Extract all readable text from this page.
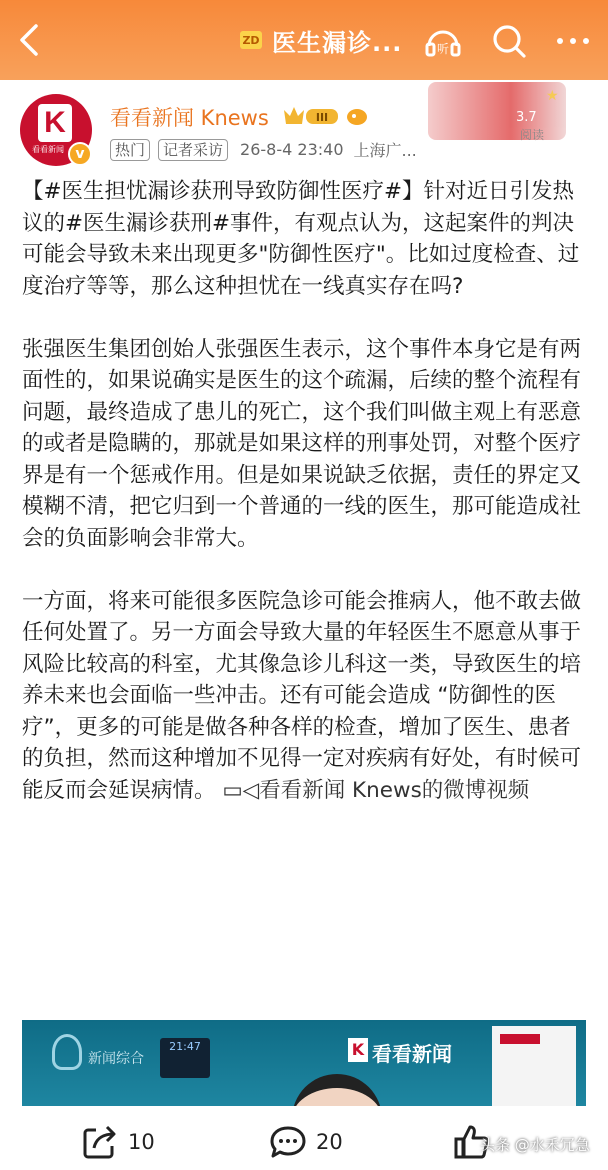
ZD 医生漏诊...	听
K
看看新闻 v
看看新闻 Knews	III
热门	记者采访	26-8-4 23:40 上海广...
★
3.7
阅读

【#医生担忧漏诊获刑导致防御性医疗#】针对近日引发热议的#医生漏诊获刑#事件，有观点认为，这起案件的判决可能会导致未来出现更多"防御性医疗"。比如过度检查、过度治疗等等，那么这种担忧在一线真实存在吗?

张强医生集团创始人张强医生表示，这个事件本身它是有两面性的，如果说确实是医生的这个疏漏，后续的整个流程有问题，最终造成了患儿的死亡，这个我们叫做主观上有恶意的或者是隐瞒的，那就是如果这样的刑事处罚，对整个医疗界是有一个惩戒作用。但是如果说缺乏依据，责任的界定又模糊不清，把它归到一个普通的一线的医生，那可能造成社会的负面影响会非常大。

一方面，将来可能很多医院急诊可能会推病人，他不敢去做任何处置了。另一方面会导致大量的年轻医生不愿意从事于风险比较高的科室，尤其像急诊儿科这一类，导致医生的培养未来也会面临一些冲击。还有可能会造成 “防御性的医疗”，更多的可能是做各种各样的检查，增加了医生、患者的负担，然而这种增加不见得一定对疾病有好处，有时候可能反而会延误病情。 ▭◁看看新闻 Knews的微博视频

新闻综合
21:47	K 看看新闻
10	20	头条 @水禾冗急
